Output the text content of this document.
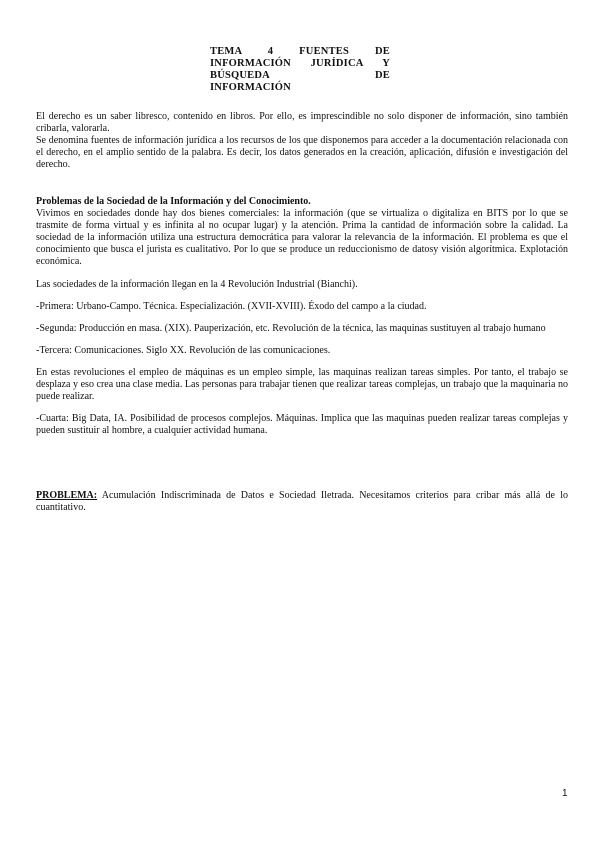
TEMA 4 FUENTES DE
INFORMACIÓN JURÍDICA Y
BÚSQUEDA DE
INFORMACIÓN

El derecho es un saber libresco, contenido en libros. Por ello, es imprescindible no solo disponer de información, sino también cribarla, valorarla.

Se denomina fuentes de información jurídica a los recursos de los que disponemos para acceder a la documentación relacionada con el derecho, en el amplio sentido de la palabra. Es decir, los datos generados en la creación, aplicación, difusión e investigación del derecho.

Problemas de la Sociedad de la Información y del Conocimiento.

Vivimos en sociedades donde hay dos bienes comerciales: la información (que se virtualiza o digitaliza en BITS por lo que se trasmite de forma virtual y es infinita al no ocupar lugar) y la atención. Prima la cantidad de información sobre la calidad. La sociedad de la información utiliza una estructura democrática para valorar la relevancia de la información. El problema es que el conocimiento que busca el jurista es cualitativo. Por lo que se produce un reduccionismo de datosy visión algorítmica. Explotación económica.

Las sociedades de la información llegan en la 4 Revolución Industrial (Bianchi).

-Primera: Urbano-Campo. Técnica. Especialización. (XVII-XVIII). Éxodo del campo a la ciudad.

-Segunda: Producción en masa. (XIX). Pauperización, etc. Revolución de la técnica, las maquinas sustituyen al trabajo humano

-Tercera: Comunicaciones. Siglo XX. Revolución de las comunicaciones.

En estas revoluciones el empleo de máquinas es un empleo simple, las maquinas realizan tareas simples. Por tanto, el trabajo se desplaza y eso crea una clase media. Las personas para trabajar tienen que realizar tareas complejas, un trabajo que la maquinaria no puede realizar.

-Cuarta: Big Data, IA. Posibilidad de procesos complejos. Máquinas. Implica que las maquinas pueden realizar tareas complejas y pueden sustituir al hombre, a cualquier actividad humana.

PROBLEMA: Acumulación Indiscriminada de Datos e Sociedad Iletrada. Necesitamos criterios para cribar más allá de lo cuantitativo.

1
